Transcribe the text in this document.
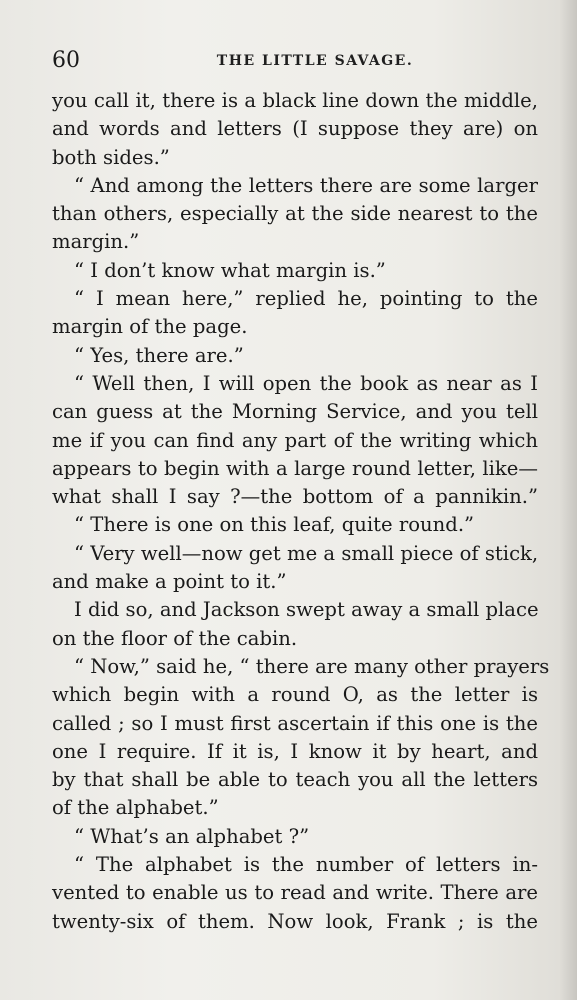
60	THE LITTLE SAVAGE.
you call it, there is a black line down the middle,
and words and letters (I suppose they are) on
both sides.”
“ And among the letters there are some larger
than others, especially at the side nearest to the
margin.”
“ I don’t know what margin is.”
“ I mean here,” replied he, pointing to the
margin of the page.
“ Yes, there are.”
“ Well then, I will open the book as near as I
can guess at the Morning Service, and you tell
me if you can find any part of the writing which
appears to begin with a large round letter, like—
what shall I say ?—the bottom of a pannikin.”
“ There is one on this leaf, quite round.”
“ Very well—now get me a small piece of stick,
and make a point to it.”
I did so, and Jackson swept away a small place
on the floor of the cabin.
“ Now,” said he, “ there are many other prayers
which begin with a round O, as the letter is
called ; so I must first ascertain if this one is the
one I require. If it is, I know it by heart, and
by that shall be able to teach you all the letters
of the alphabet.”
“ What’s an alphabet ?”
“ The alphabet is the number of letters in-
vented to enable us to read and write. There are
twenty-six of them. Now look, Frank ; is the
